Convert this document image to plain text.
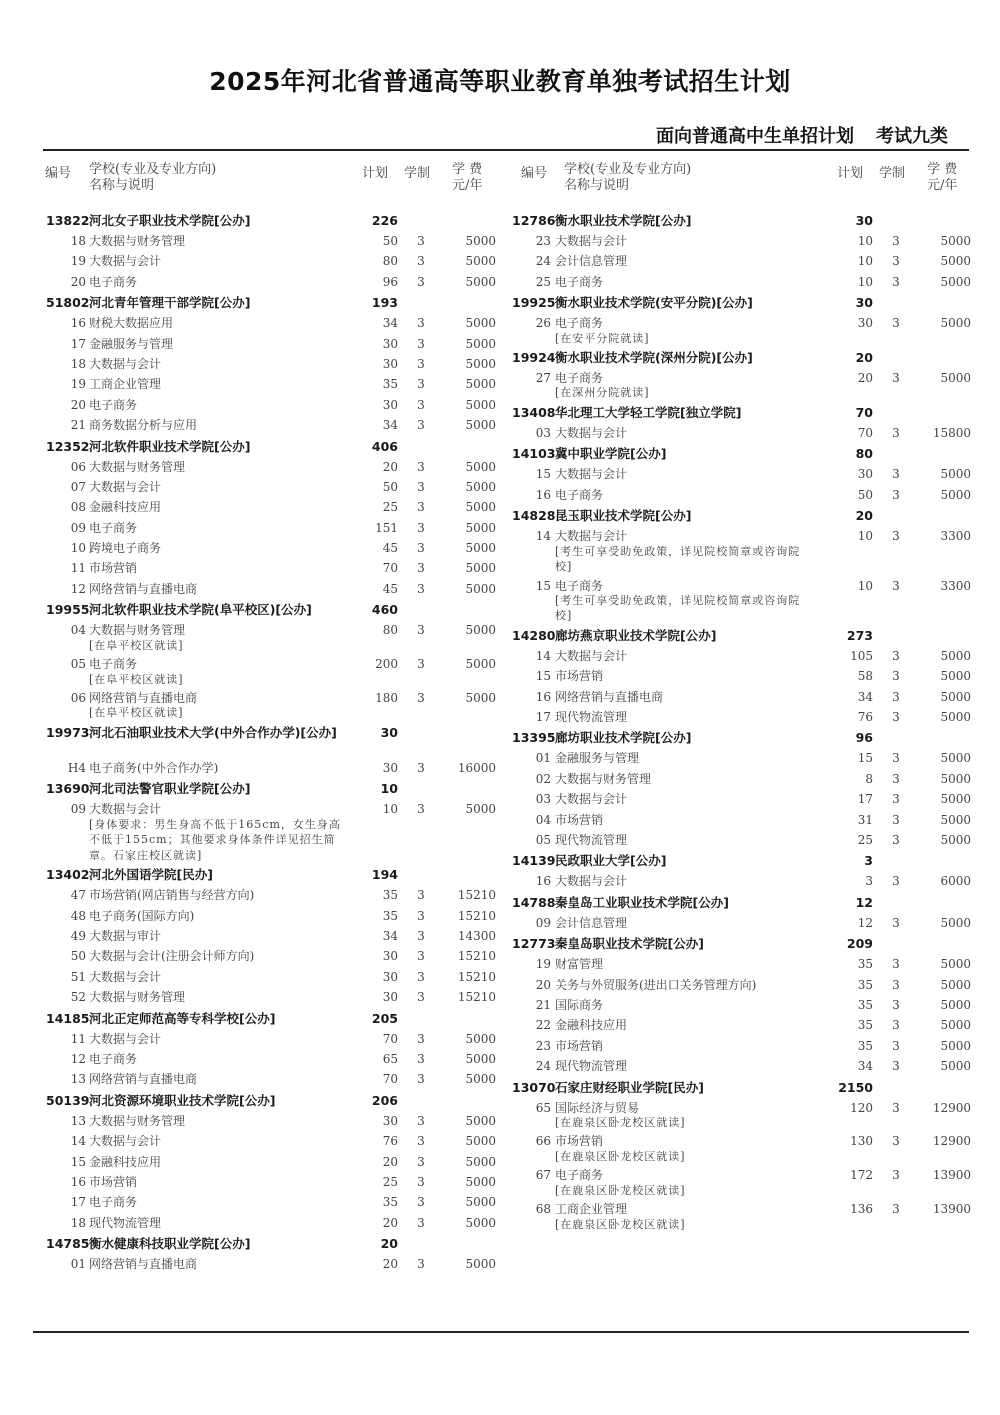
2025年河北省普通高等职业教育单独考试招生计划
面向普通高中生单招计划 考试九类
编号 学校(专业及专业方向)
名称与说明
计划 学制 学 费
元/年
13822 河北女子职业技术学院[公办]	226
18 大数据与财务管理	50 3	5000
19 大数据与会计	80 3	5000
20 电子商务	96 3	5000
51802 河北青年管理干部学院[公办]	193
16 财税大数据应用	34 3	5000
17 金融服务与管理	30 3	5000
18 大数据与会计	30 3	5000
19 工商企业管理	35 3	5000
20 电子商务	30 3	5000
21 商务数据分析与应用	34 3	5000
12352 河北软件职业技术学院[公办]	406
06 大数据与财务管理	20 3	5000
07 大数据与会计	50 3	5000
08 金融科技应用	25 3	5000
09 电子商务	151 3	5000
10 跨境电子商务	45 3	5000
11 市场营销	70 3	5000
12 网络营销与直播电商	45 3	5000
19955 河北软件职业技术学院(阜平校区)[公办]	460
04 大数据与财务管理	80 3	5000
[在阜平校区就读]
05 电子商务	200 3	5000
[在阜平校区就读]
06 网络营销与直播电商	180 3	5000
[在阜平校区就读]
19973 河北石油职业技术大学(中外合作办学)[公办]	30
H4 电子商务(中外合作办学)	30 3	16000
13690 河北司法警官职业学院[公办]	10
09 大数据与会计	10 3	5000
[身体要求：男生身高不低于165cm，女生身高不低于155cm；其他要求身体条件详见招生简章。石家庄校区就读]
13402 河北外国语学院[民办]	194
47 市场营销(网店销售与经营方向)	35 3	15210
48 电子商务(国际方向)	35 3	15210
49 大数据与审计	34 3	14300
50 大数据与会计(注册会计师方向)	30 3	15210
51 大数据与会计	30 3	15210
52 大数据与财务管理	30 3	15210
14185 河北正定师范高等专科学校[公办]	205
11 大数据与会计	70 3	5000
12 电子商务	65 3	5000
13 网络营销与直播电商	70 3	5000
50139 河北资源环境职业技术学院[公办]	206
13 大数据与财务管理	30 3	5000
14 大数据与会计	76 3	5000
15 金融科技应用	20 3	5000
16 市场营销	25 3	5000
17 电子商务	35 3	5000
18 现代物流管理	20 3	5000
14785 衡水健康科技职业学院[公办]	20
01 网络营销与直播电商	20 3	5000
编号 学校(专业及专业方向)
名称与说明
计划 学制 学 费
元/年
12786 衡水职业技术学院[公办]	30
23 大数据与会计	10 3	5000
24 会计信息管理	10 3	5000
25 电子商务	10 3	5000
19925 衡水职业技术学院(安平分院)[公办]	30
26 电子商务	30 3	5000
[在安平分院就读]
19924 衡水职业技术学院(深州分院)[公办]	20
27 电子商务	20 3	5000
[在深州分院就读]
13408 华北理工大学轻工学院[独立学院]	70
03 大数据与会计	70 3	15800
14103 冀中职业学院[公办]	80
15 大数据与会计	30 3	5000
16 电子商务	50 3	5000
14828 昆玉职业技术学院[公办]	20
14 大数据与会计	10 3	3300
[考生可享受助免政策，详见院校简章或咨询院校]
15 电子商务	10 3	3300
[考生可享受助免政策，详见院校简章或咨询院校]
14280 廊坊燕京职业技术学院[公办]	273
14 大数据与会计	105 3	5000
15 市场营销	58 3	5000
16 网络营销与直播电商	34 3	5000
17 现代物流管理	76 3	5000
13395 廊坊职业技术学院[公办]	96
01 金融服务与管理	15 3	5000
02 大数据与财务管理	8 3	5000
03 大数据与会计	17 3	5000
04 市场营销	31 3	5000
05 现代物流管理	25 3	5000
14139 民政职业大学[公办]	3
16 大数据与会计	3 3	6000
14788 秦皇岛工业职业技术学院[公办]	12
09 会计信息管理	12 3	5000
12773 秦皇岛职业技术学院[公办]	209
19 财富管理	35 3	5000
20 关务与外贸服务(进出口关务管理方向)	35 3	5000
21 国际商务	35 3	5000
22 金融科技应用	35 3	5000
23 市场营销	35 3	5000
24 现代物流管理	34 3	5000
13070 石家庄财经职业学院[民办]	2150
65 国际经济与贸易	120 3	12900
[在鹿泉区卧龙校区就读]
66 市场营销	130 3	12900
[在鹿泉区卧龙校区就读]
67 电子商务	172 3	13900
[在鹿泉区卧龙校区就读]
68 工商企业管理	136 3	13900
[在鹿泉区卧龙校区就读]
